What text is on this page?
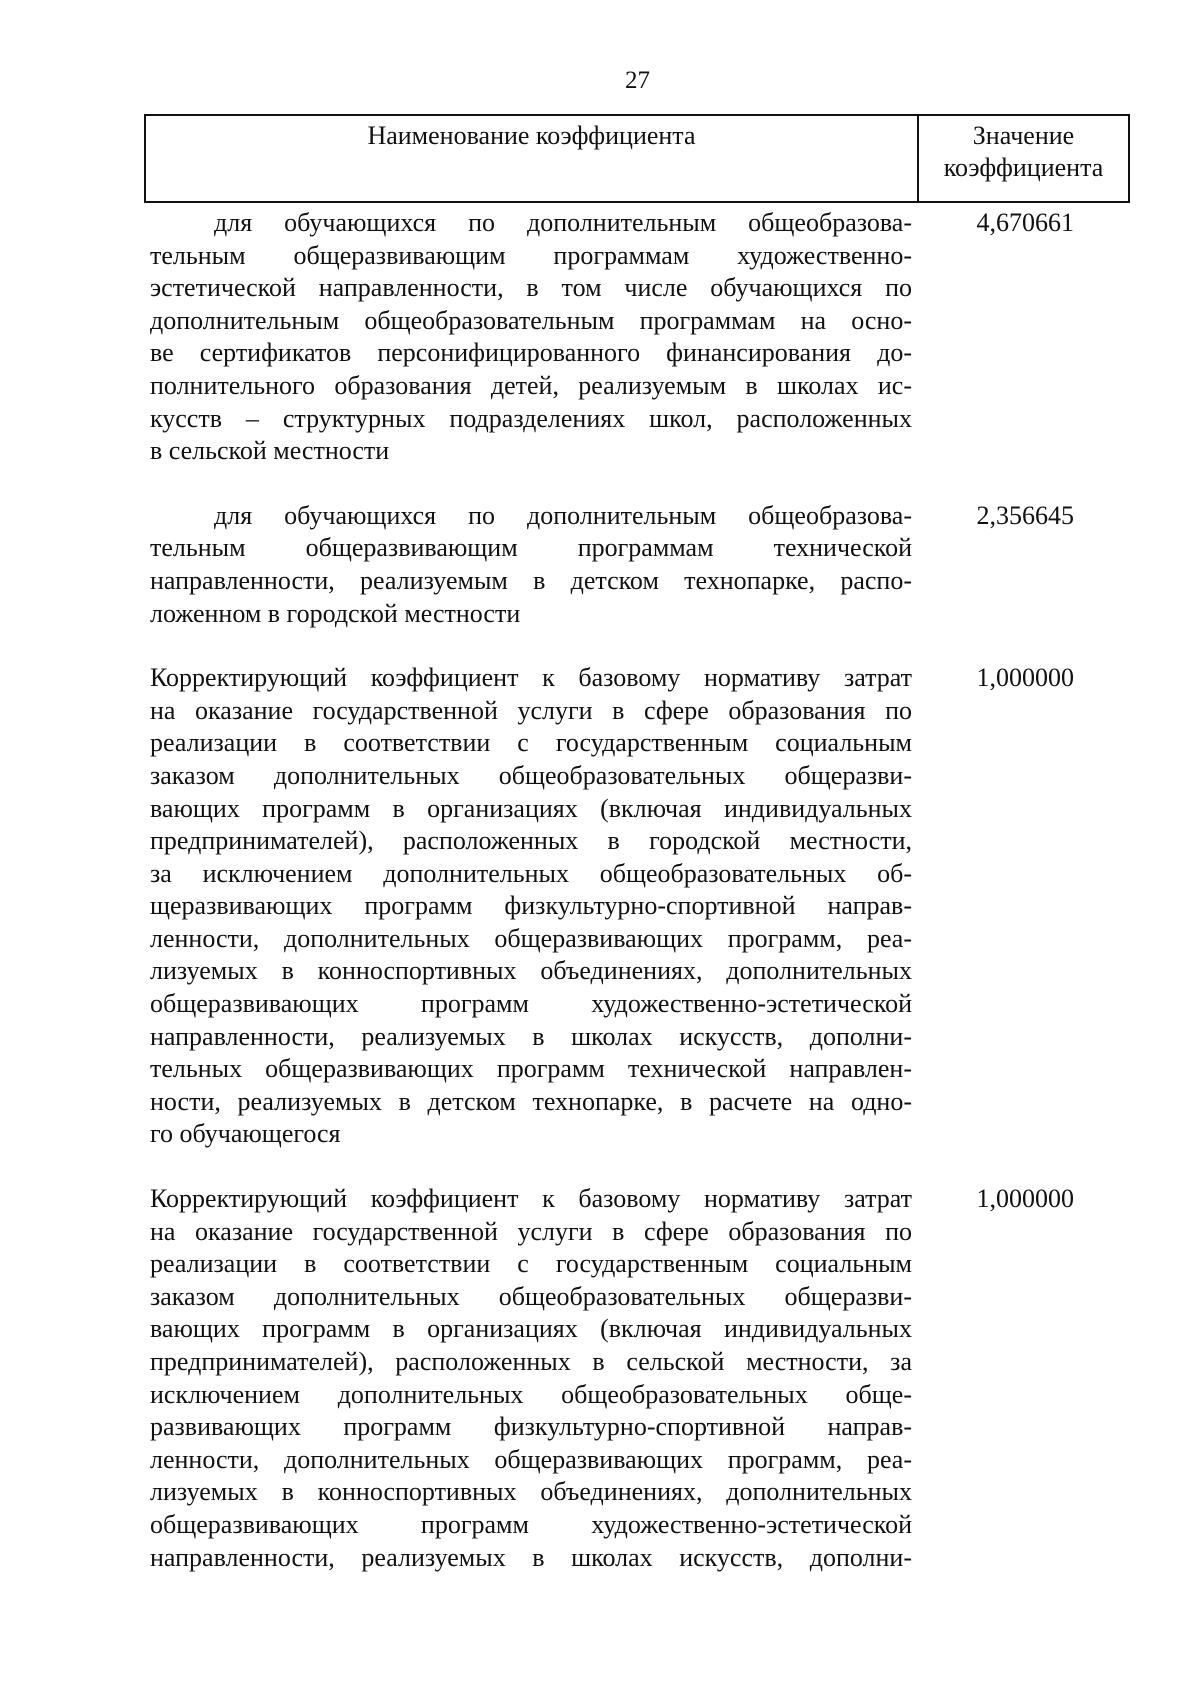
27
Наименование коэффициента	Значение
коэффициента
для обучающихся по дополнительным общеобразова-
тельным общеразвивающим программам художественно-
эстетической направленности, в том числе обучающихся по
дополнительным общеобразовательным программам на осно-
ве сертификатов персонифицированного финансирования до-
полнительного образования детей, реализуемым в школах ис-
кусств – структурных подразделениях школ, расположенных
в сельской местности
4,670661
для обучающихся по дополнительным общеобразова-
тельным общеразвивающим программам технической
направленности, реализуемым в детском технопарке, распо-
ложенном в городской местности
2,356645
Корректирующий коэффициент к базовому нормативу затрат
на оказание государственной услуги в сфере образования по
реализации в соответствии с государственным социальным
заказом дополнительных общеобразовательных общеразви-
вающих программ в организациях (включая индивидуальных
предпринимателей), расположенных в городской местности,
за исключением дополнительных общеобразовательных об-
щеразвивающих программ физкультурно-спортивной направ-
ленности, дополнительных общеразвивающих программ, реа-
лизуемых в конноспортивных объединениях, дополнительных
общеразвивающих программ художественно-эстетической
направленности, реализуемых в школах искусств, дополни-
тельных общеразвивающих программ технической направлен-
ности, реализуемых в детском технопарке, в расчете на одно-
го обучающегося
1,000000
Корректирующий коэффициент к базовому нормативу затрат
на оказание государственной услуги в сфере образования по
реализации в соответствии с государственным социальным
заказом дополнительных общеобразовательных общеразви-
вающих программ в организациях (включая индивидуальных
предпринимателей), расположенных в сельской местности, за
исключением дополнительных общеобразовательных обще-
развивающих программ физкультурно-спортивной направ-
ленности, дополнительных общеразвивающих программ, реа-
лизуемых в конноспортивных объединениях, дополнительных
общеразвивающих программ художественно-эстетической
направленности, реализуемых в школах искусств, дополни-
1,000000
